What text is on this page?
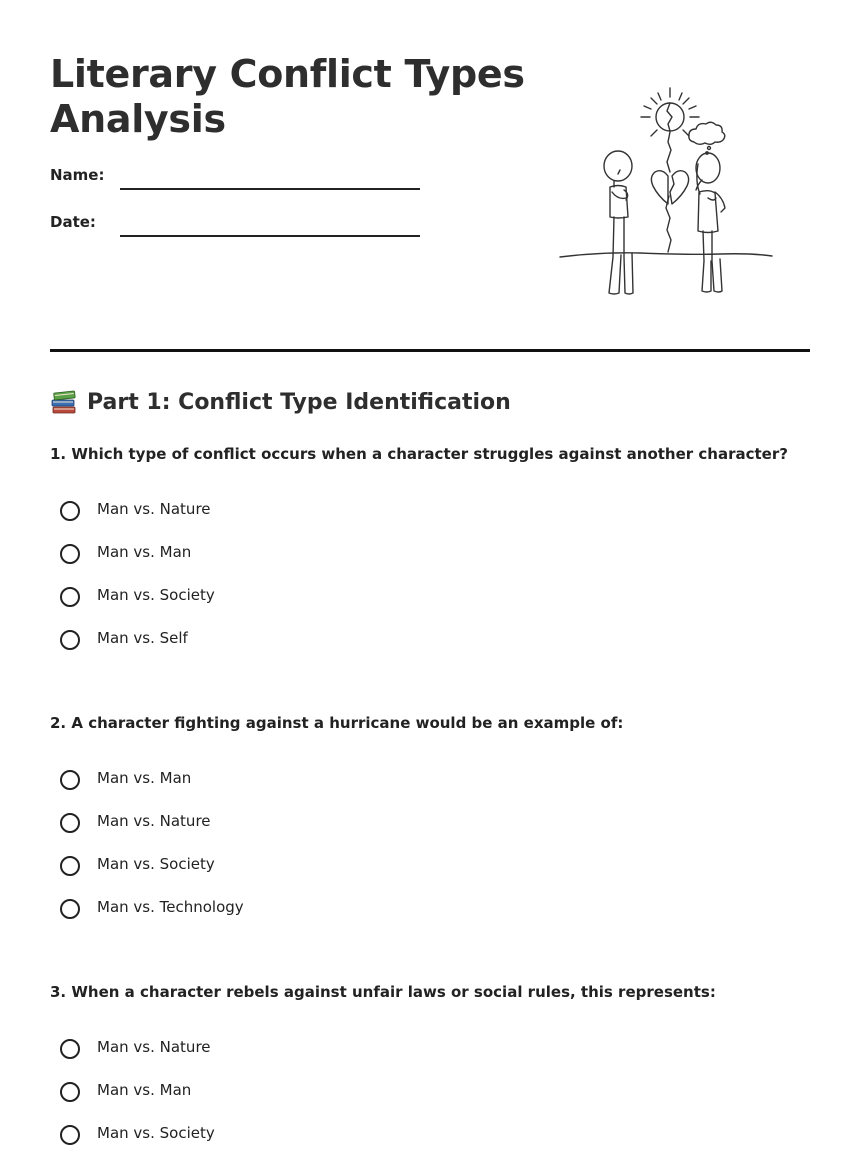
Literary Conflict Types Analysis
Name:
Date:
Part 1: Conflict Type Identification

1. Which type of conflict occurs when a character struggles against another character?

Man vs. Nature
Man vs. Man
Man vs. Society
Man vs. Self

2. A character fighting against a hurricane would be an example of:

Man vs. Man
Man vs. Nature
Man vs. Society
Man vs. Technology

3. When a character rebels against unfair laws or social rules, this represents:

Man vs. Nature
Man vs. Man
Man vs. Society
